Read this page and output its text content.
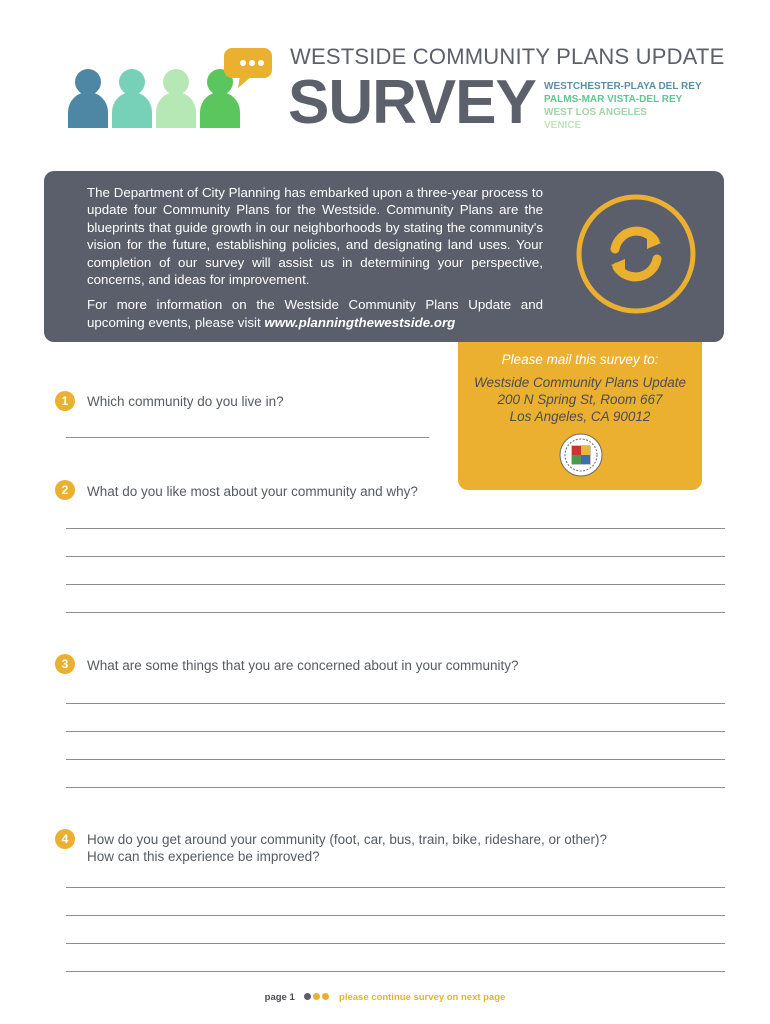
WESTSIDE COMMUNITY PLANS UPDATE
SURVEY WESTCHESTER-PLAYA DEL REY
PALMS-MAR VISTA-DEL REY
WEST LOS ANGELES
VENICE

The Department of City Planning has embarked upon a three-year process to update four Community Plans for the Westside. Community Plans are the blueprints that guide growth in our neighborhoods by stating the community's vision for the future, establishing policies, and designating land uses. Your completion of our survey will assist us in determining your perspective, concerns, and ideas for improvement.

For more information on the Westside Community Plans Update and upcoming events, please visit www.planningthewestside.org

Please mail this survey to:
Westside Community Plans Update
200 N Spring St, Room 667
Los Angeles, CA 90012
1	Which community do you live in?
2	What do you like most about your community and why?
3	What are some things that you are concerned about in your community?
4	How do you get around your community (foot, car, bus, train, bike, rideshare, or other)?
How can this experience be improved?
page 1	please continue survey on next page
